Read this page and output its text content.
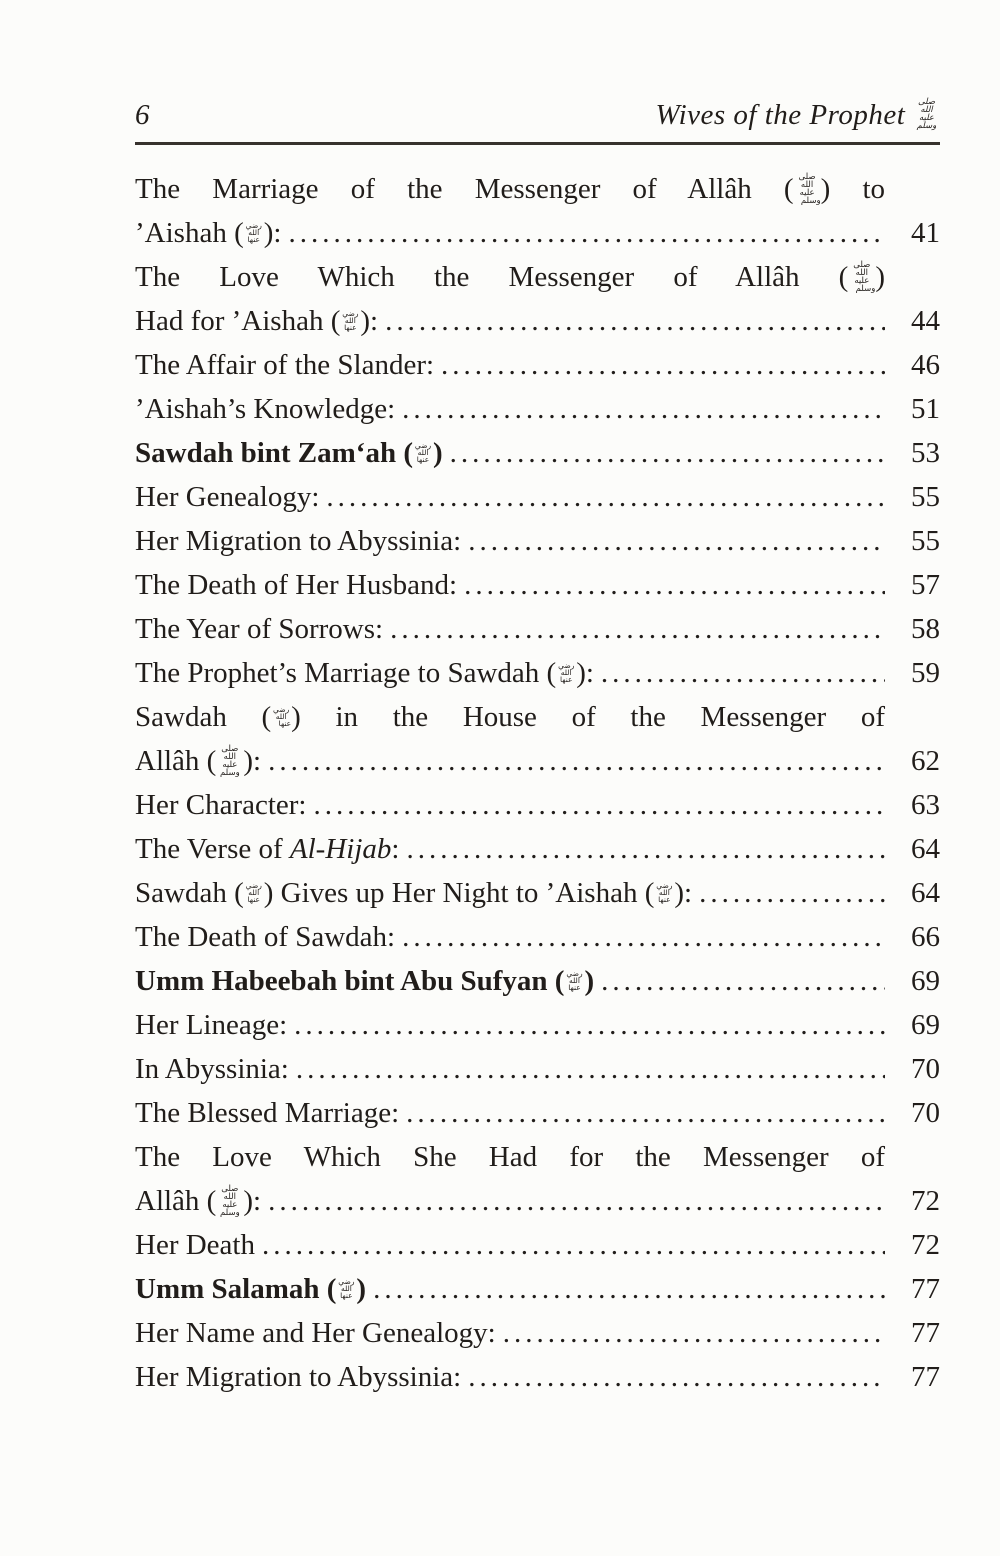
6	Wives of the Prophet صلى الله عليه وسلم
The Marriage of the Messenger of Allâh ( صلى الله عليه وسلم) to
’Aishah ( رضي الله عنها ): .....	41
The Love Which the Messenger of Allâh ( صلى الله عليه وسلم)
Had for ’Aishah ( رضي الله عنها ): .....	44
The Affair of the Slander: .....	46
’Aishah’s Knowledge: .....	51
Sawdah bint Zam‘ah ( رضي الله عنها ) .....	53
Her Genealogy: .....	55
Her Migration to Abyssinia: .....	55
The Death of Her Husband: .....	57
The Year of Sorrows: .....	58
The Prophet’s Marriage to Sawdah ( رضي الله عنها ): .....	59
Sawdah ( رضي الله عنها) in the House of the Messenger of
Allâh ( صلى الله عليه وسلم ): .....	62
Her Character: .....	63
The Verse of Al-Hijab: .....	64
Sawdah ( رضي الله عنها ) Gives up Her Night to ’Aishah ( رضي الله عنها ): .....	64
The Death of Sawdah: .....	66
Umm Habeebah bint Abu Sufyan ( رضي الله عنها ) .....	69
Her Lineage: .....	69
In Abyssinia: .....	70
The Blessed Marriage: .....	70
The Love Which She Had for the Messenger of
Allâh ( صلى الله عليه وسلم ): .....	72
Her Death .....	72
Umm Salamah ( رضي الله عنها ) .....	77
Her Name and Her Genealogy: .....	77
Her Migration to Abyssinia: .....	77
